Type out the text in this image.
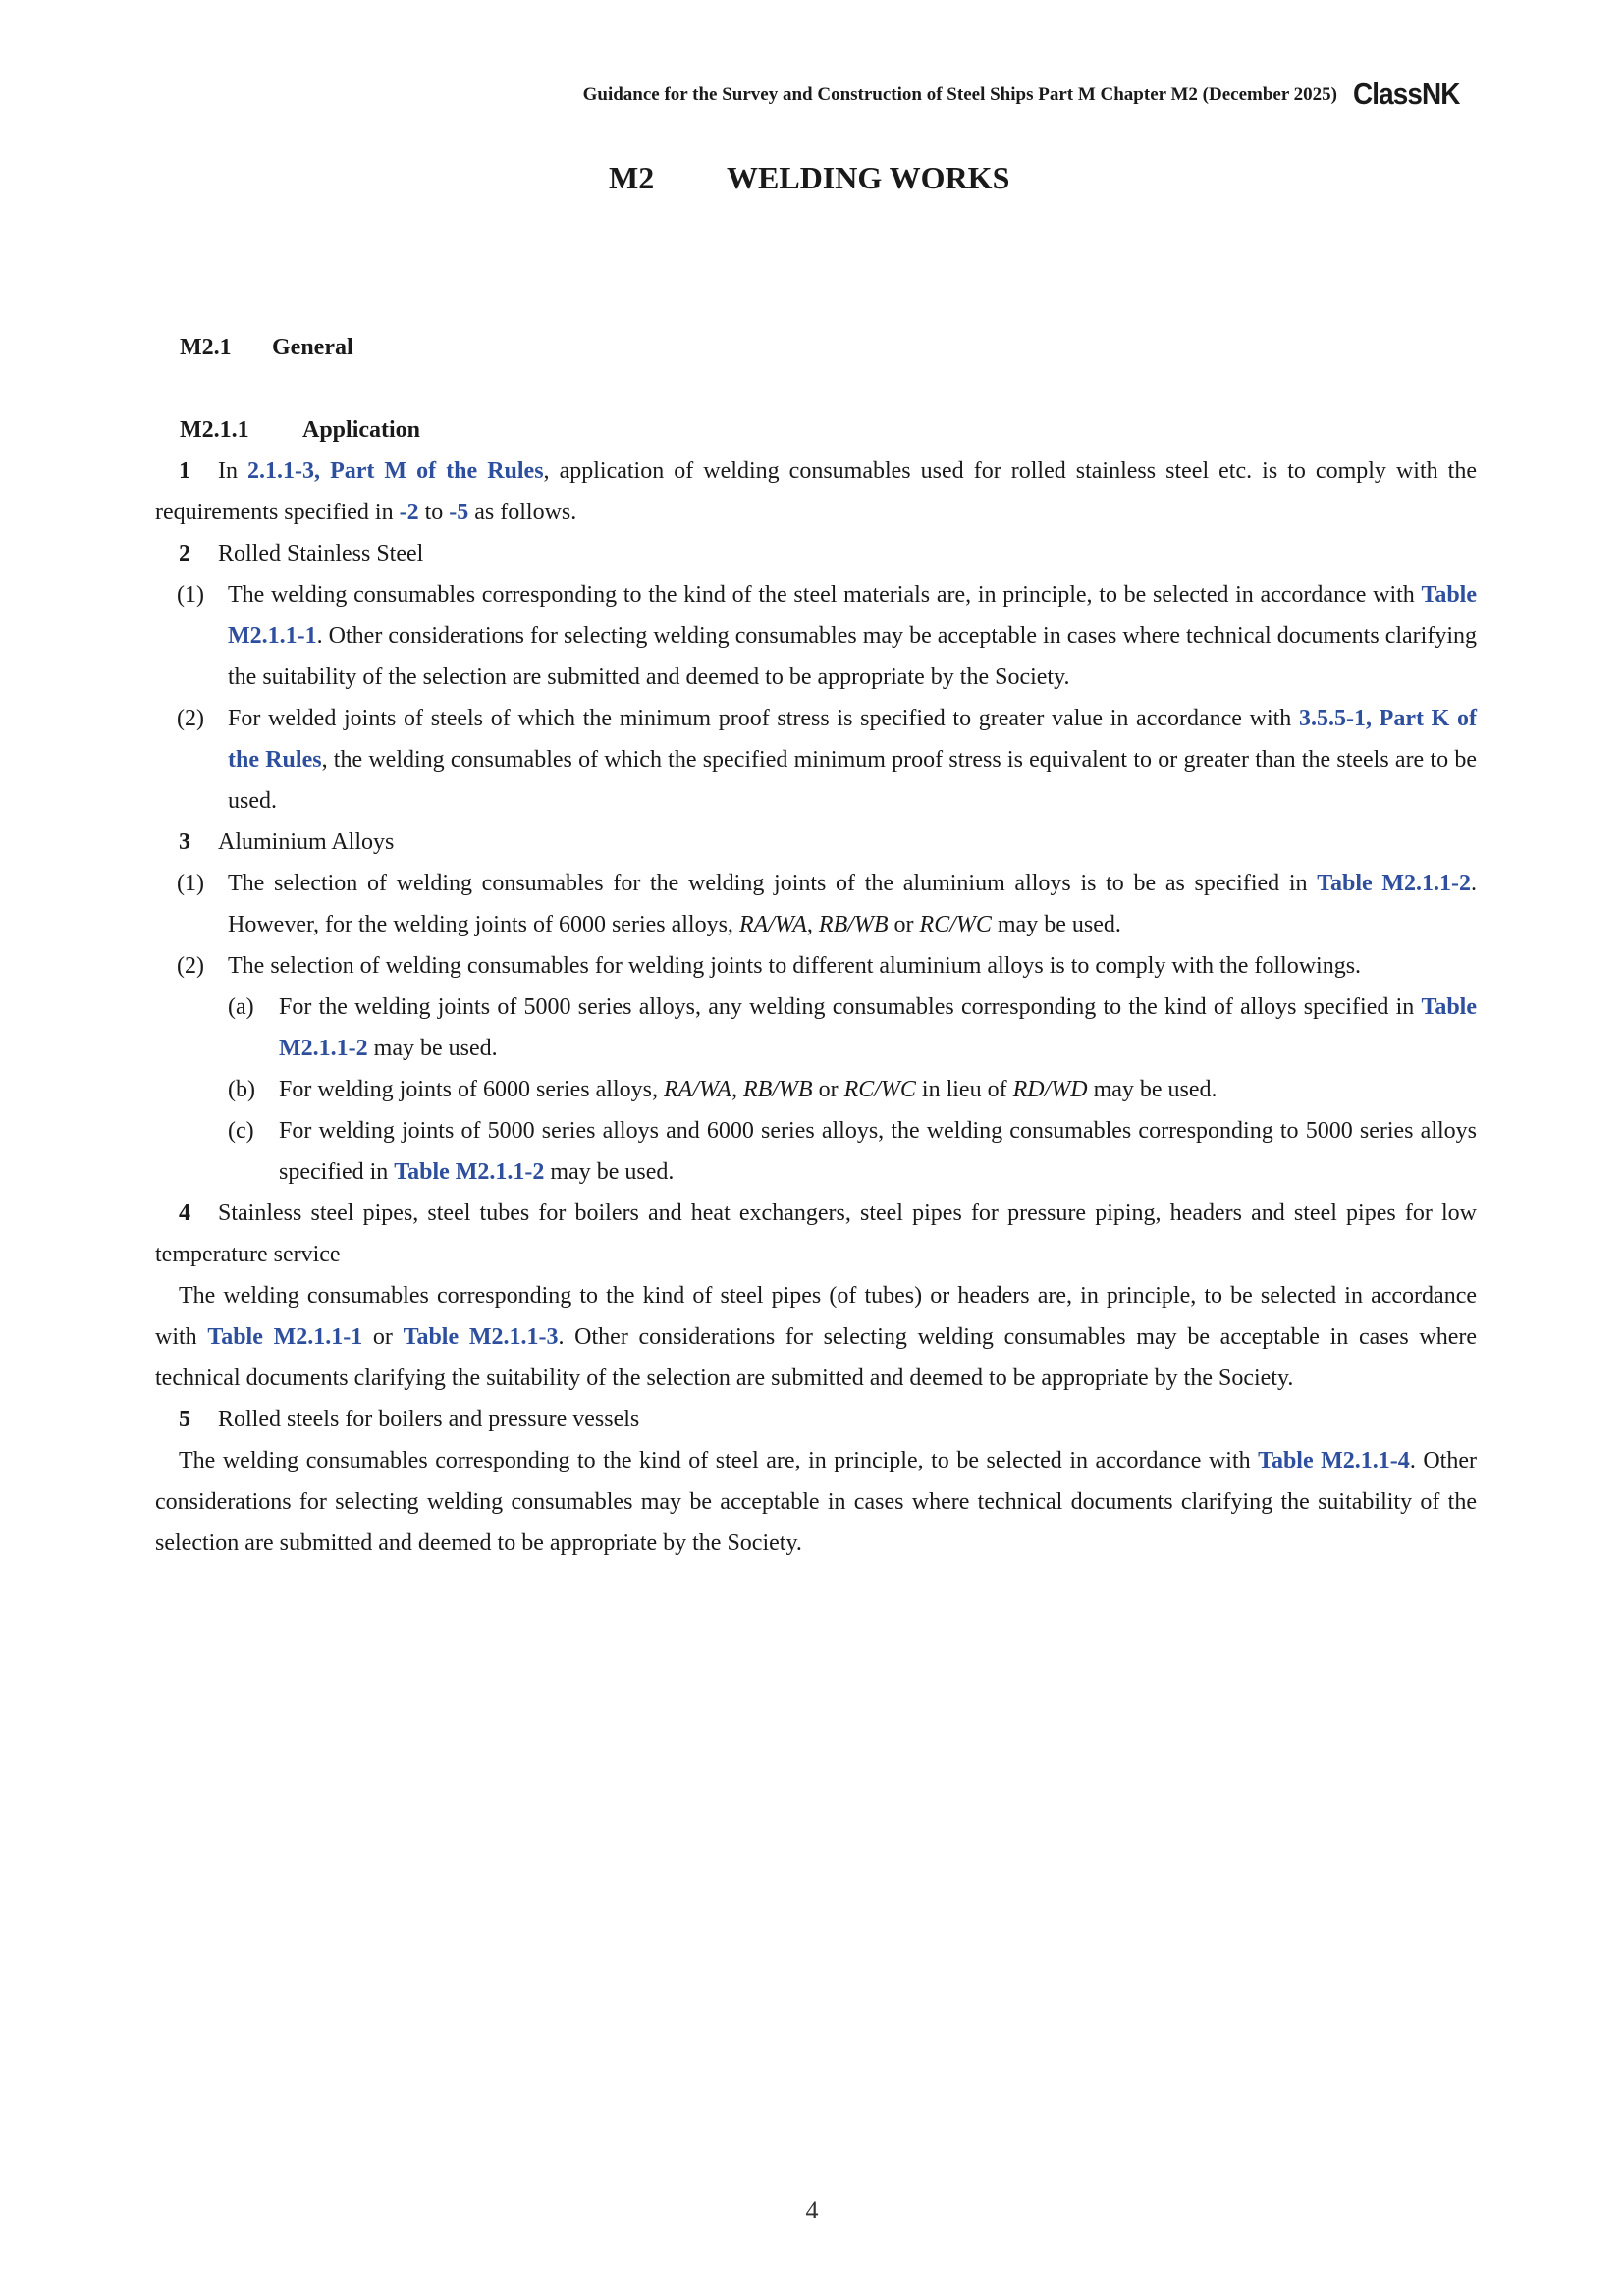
Guidance for the Survey and Construction of Steel Ships Part M Chapter M2 (December 2025) ClassNK
M2 WELDING WORKS
M2.1 General
M2.1.1 Application
1 In 2.1.1-3, Part M of the Rules, application of welding consumables used for rolled stainless steel etc. is to comply with the requirements specified in -2 to -5 as follows.
2 Rolled Stainless Steel
(1) The welding consumables corresponding to the kind of the steel materials are, in principle, to be selected in accordance with Table M2.1.1-1. Other considerations for selecting welding consumables may be acceptable in cases where technical documents clarifying the suitability of the selection are submitted and deemed to be appropriate by the Society.
(2) For welded joints of steels of which the minimum proof stress is specified to greater value in accordance with 3.5.5-1, Part K of the Rules, the welding consumables of which the specified minimum proof stress is equivalent to or greater than the steels are to be used.
3 Aluminium Alloys
(1) The selection of welding consumables for the welding joints of the aluminium alloys is to be as specified in Table M2.1.1-2. However, for the welding joints of 6000 series alloys, RA/WA, RB/WB or RC/WC may be used.
(2) The selection of welding consumables for welding joints to different aluminium alloys is to comply with the followings.
(a) For the welding joints of 5000 series alloys, any welding consumables corresponding to the kind of alloys specified in Table M2.1.1-2 may be used.
(b) For welding joints of 6000 series alloys, RA/WA, RB/WB or RC/WC in lieu of RD/WD may be used.
(c) For welding joints of 5000 series alloys and 6000 series alloys, the welding consumables corresponding to 5000 series alloys specified in Table M2.1.1-2 may be used.
4 Stainless steel pipes, steel tubes for boilers and heat exchangers, steel pipes for pressure piping, headers and steel pipes for low temperature service
The welding consumables corresponding to the kind of steel pipes (of tubes) or headers are, in principle, to be selected in accordance with Table M2.1.1-1 or Table M2.1.1-3. Other considerations for selecting welding consumables may be acceptable in cases where technical documents clarifying the suitability of the selection are submitted and deemed to be appropriate by the Society.
5 Rolled steels for boilers and pressure vessels
The welding consumables corresponding to the kind of steel are, in principle, to be selected in accordance with Table M2.1.1-4. Other considerations for selecting welding consumables may be acceptable in cases where technical documents clarifying the suitability of the selection are submitted and deemed to be appropriate by the Society.
4
